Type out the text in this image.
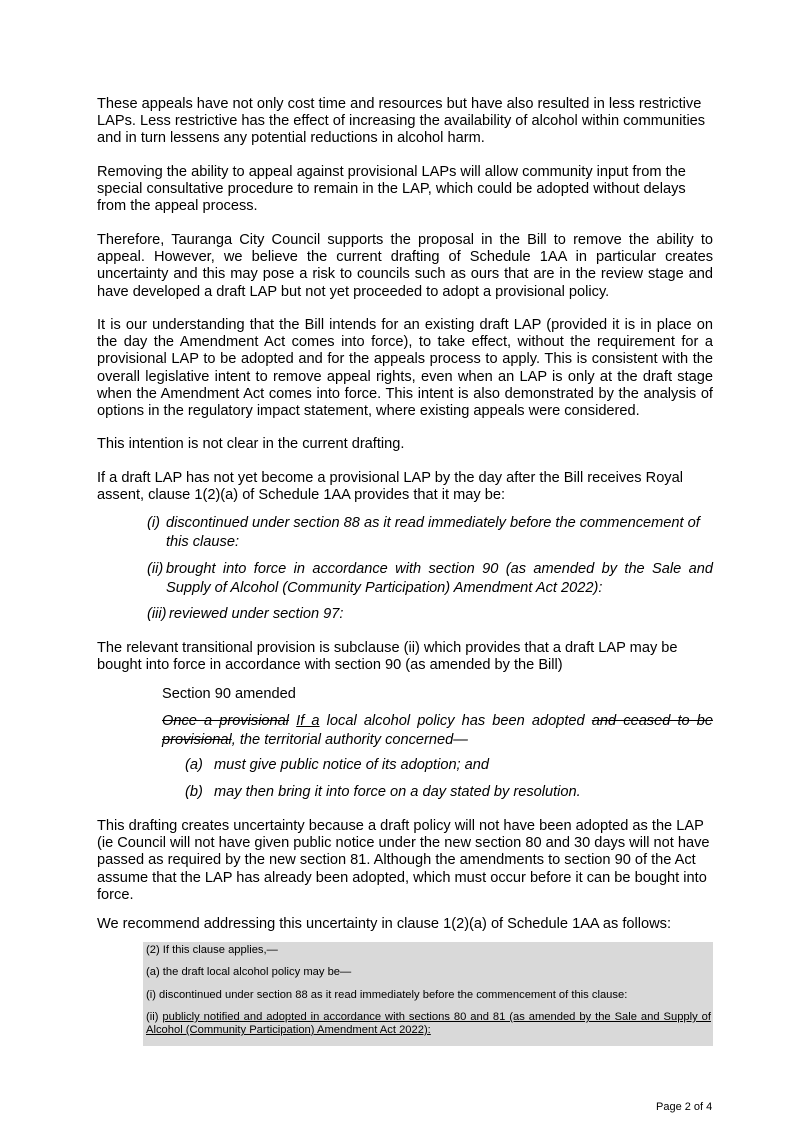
These appeals have not only cost time and resources but have also resulted in less restrictive LAPs. Less restrictive has the effect of increasing the availability of alcohol within communities and in turn lessens any potential reductions in alcohol harm.

Removing the ability to appeal against provisional LAPs will allow community input from the special consultative procedure to remain in the LAP, which could be adopted without delays from the appeal process.

Therefore, Tauranga City Council supports the proposal in the Bill to remove the ability to appeal. However, we believe the current drafting of Schedule 1AA in particular creates uncertainty and this may pose a risk to councils such as ours that are in the review stage and have developed a draft LAP but not yet proceeded to adopt a provisional policy.

It is our understanding that the Bill intends for an existing draft LAP (provided it is in place on the day the Amendment Act comes into force), to take effect, without the requirement for a provisional LAP to be adopted and for the appeals process to apply. This is consistent with the overall legislative intent to remove appeal rights, even when an LAP is only at the draft stage when the Amendment Act comes into force. This intent is also demonstrated by the analysis of options in the regulatory impact statement, where existing appeals were considered.

This intention is not clear in the current drafting.

If a draft LAP has not yet become a provisional LAP by the day after the Bill receives Royal assent, clause 1(2)(a) of Schedule 1AA provides that it may be:

(i) discontinued under section 88 as it read immediately before the commencement of this clause:
(ii) brought into force in accordance with section 90 (as amended by the Sale and Supply of Alcohol (Community Participation) Amendment Act 2022):
(iii) reviewed under section 97:

The relevant transitional provision is subclause (ii) which provides that a draft LAP may be bought into force in accordance with section 90 (as amended by the Bill)

Section 90 amended

Once a provisional If a local alcohol policy has been adopted and ceased to be provisional, the territorial authority concerned—

(a) must give public notice of its adoption; and
(b) may then bring it into force on a day stated by resolution.

This drafting creates uncertainty because a draft policy will not have been adopted as the LAP (ie Council will not have given public notice under the new section 80 and 30 days will not have passed as required by the new section 81. Although the amendments to section 90 of the Act assume that the LAP has already been adopted, which must occur before it can be bought into force.

We recommend addressing this uncertainty in clause 1(2)(a) of Schedule 1AA as follows:

(2) If this clause applies,—

(a) the draft local alcohol policy may be—

(i) discontinued under section 88 as it read immediately before the commencement of this clause:

(ii) publicly notified and adopted in accordance with sections 80 and 81 (as amended by the Sale and Supply of Alcohol (Community Participation) Amendment Act 2022):

Page 2 of 4
